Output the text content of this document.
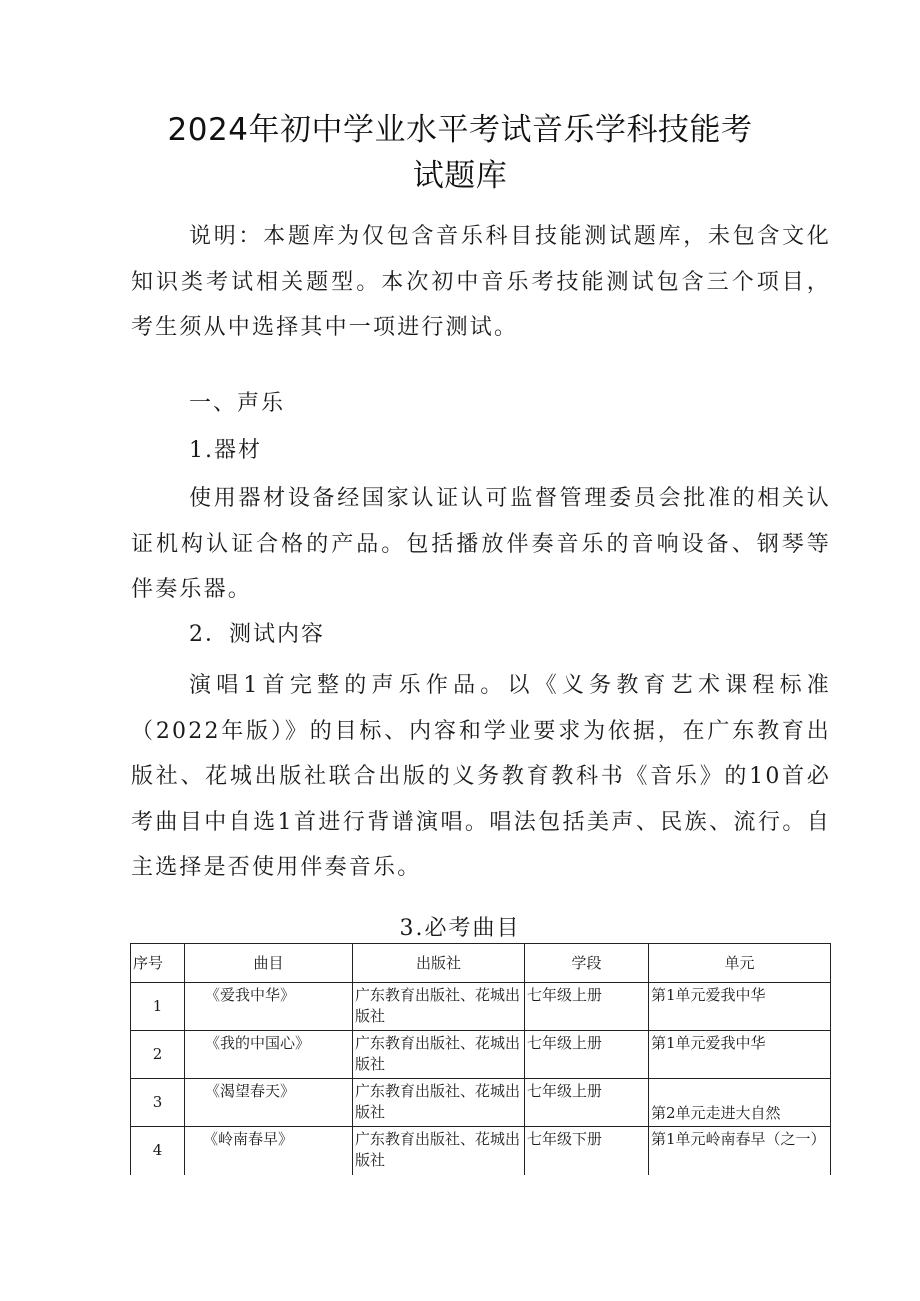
2024年初中学业水平考试音乐学科技能考
试题库

说明：本题库为仅包含音乐科目技能测试题库，未包含文化知识类考试相关题型。本次初中音乐考技能测试包含三个项目，考生须从中选择其中一项进行测试。

一、声乐
1.器材

使用器材设备经国家认证认可监督管理委员会批准的相关认证机构认证合格的产品。包括播放伴奏音乐的音响设备、钢琴等伴奏乐器。

2．测试内容

演唱1首完整的声乐作品。以《义务教育艺术课程标准（2022年版）》的目标、内容和学业要求为依据，在广东教育出版社、花城出版社联合出版的义务教育教科书《音乐》的10首必考曲目中自选1首进行背谱演唱。唱法包括美声、民族、流行。自主选择是否使用伴奏音乐。

3.必考曲目
序号	曲目	出版社	学段	单元
1	《爱我中华》	广东教育出版社、花城出版社	七年级上册	第1单元爱我中华
2	《我的中国心》	广东教育出版社、花城出版社	七年级上册	第1单元爱我中华
3	《渴望春天》	广东教育出版社、花城出版社	七年级上册	第2单元走进大自然
4	《岭南春早》	广东教育出版社、花城出版社	七年级下册	第1单元岭南春早（之一）
